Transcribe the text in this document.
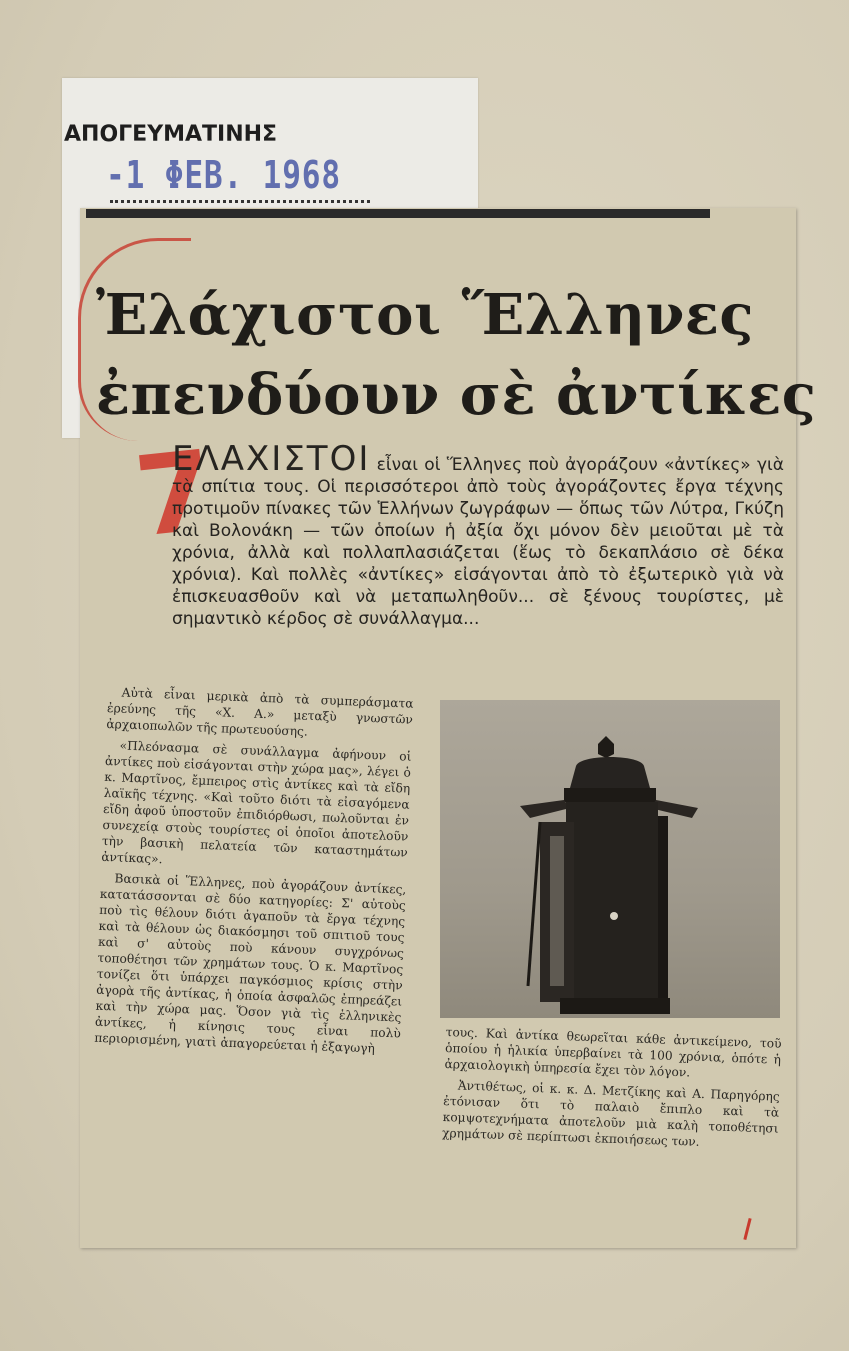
ΑΠΟΓΕΥΜΑΤΙΝΗΣ
-1 ΦΕΒ. 1968
Ἐλάχιστοι Ἕλληνες
ἐπενδύουν σὲ ἀντίκες
7
ΕΛΑΧΙΣΤΟΙ εἶναι οἱ Ἕλληνες ποὺ ἀγοράζουν «ἀντίκες» γιὰ τὰ σπίτια τους. Οἱ περισσότεροι ἀπὸ τοὺς ἀγοράζοντες ἔργα τέχνης προτιμοῦν πίνακες τῶν Ἑλλήνων ζωγράφων — ὅπως τῶν Λύτρα, Γκύζη καὶ Βολονάκη — τῶν ὁποίων ἡ ἀξία ὄχι μόνον δὲν μειοῦται μὲ τὰ χρόνια, ἀλλὰ καὶ πολλαπλασιάζεται (ἕως τὸ δεκαπλάσιο σὲ δέκα χρόνια). Καὶ πολλὲς «ἀντίκες» εἰσάγονται ἀπὸ τὸ ἐξωτερικὸ γιὰ νὰ ἐπισκευασθοῦν καὶ νὰ μεταπωληθοῦν... σὲ ξένους τουρίστες, μὲ σημαντικὸ κέρδος σὲ συνάλλαγμα...

Αὐτὰ εἶναι μερικὰ ἀπὸ τὰ συμπεράσματα ἐρεύνης τῆς «Χ. Α.» μεταξὺ γνωστῶν ἀρχαιοπωλῶν τῆς πρωτευούσης.

«Πλεόνασμα σὲ συνάλλαγμα ἀφήνουν οἱ ἀντίκες ποὺ εἰσάγονται στὴν χώρα μας», λέγει ὁ κ. Μαρτῖνος, ἔμπειρος στὶς ἀντίκες καὶ τὰ εἴδη λαϊκῆς τέχνης. «Καὶ τοῦτο διότι τὰ εἰσαγόμενα εἴδη ἀφοῦ ὑποστοῦν ἐπιδιόρθωσι, πωλοῦνται ἐν συνεχείᾳ στοὺς τουρίστες οἱ ὁποῖοι ἀποτελοῦν τὴν βασικὴ πελατεία τῶν καταστημάτων ἀντίκας».

Βασικὰ οἱ Ἕλληνες, ποὺ ἀγοράζουν ἀντίκες, κατατάσσονται σὲ δύο κατηγορίες: Σ' αὐτοὺς ποὺ τὶς θέλουν διότι ἀγαποῦν τὰ ἔργα τέχνης καὶ τὰ θέλουν ὡς διακόσμησι τοῦ σπιτιοῦ τους καὶ σ' αὐτοὺς ποὺ κάνουν συγχρόνως τοποθέτησι τῶν χρημάτων τους. Ὁ κ. Μαρτῖνος τονίζει ὅτι ὑπάρχει παγκόσμιος κρίσις στὴν ἀγορὰ τῆς ἀντίκας, ἡ ὁποία ἀσφαλῶς ἐπηρεάζει καὶ τὴν χώρα μας. Ὅσον γιὰ τὶς ἑλληνικὲς ἀντίκες, ἡ κίνησις τους εἶναι πολὺ περιορισμένη, γιατὶ ἀπαγορεύεται ἡ ἐξαγωγὴ	τους. Καὶ ἀντίκα θεωρεῖται κάθε ἀντικείμενο, τοῦ ὁποίου ἡ ἡλικία ὑπερβαίνει τὰ 100 χρόνια, ὁπότε ἡ ἀρχαιολογικὴ ὑπηρεσία ἔχει τὸν λόγον.

Ἀντιθέτως, οἱ κ. κ. Δ. Μετζίκης καὶ Α. Παρηγόρης ἐτόνισαν ὅτι τὸ παλαιὸ ἔπιπλο καὶ τὰ κομψοτεχνήματα ἀποτελοῦν μιὰ καλὴ τοποθέτησι χρημάτων σὲ περίπτωσι ἐκποιήσεως των.
